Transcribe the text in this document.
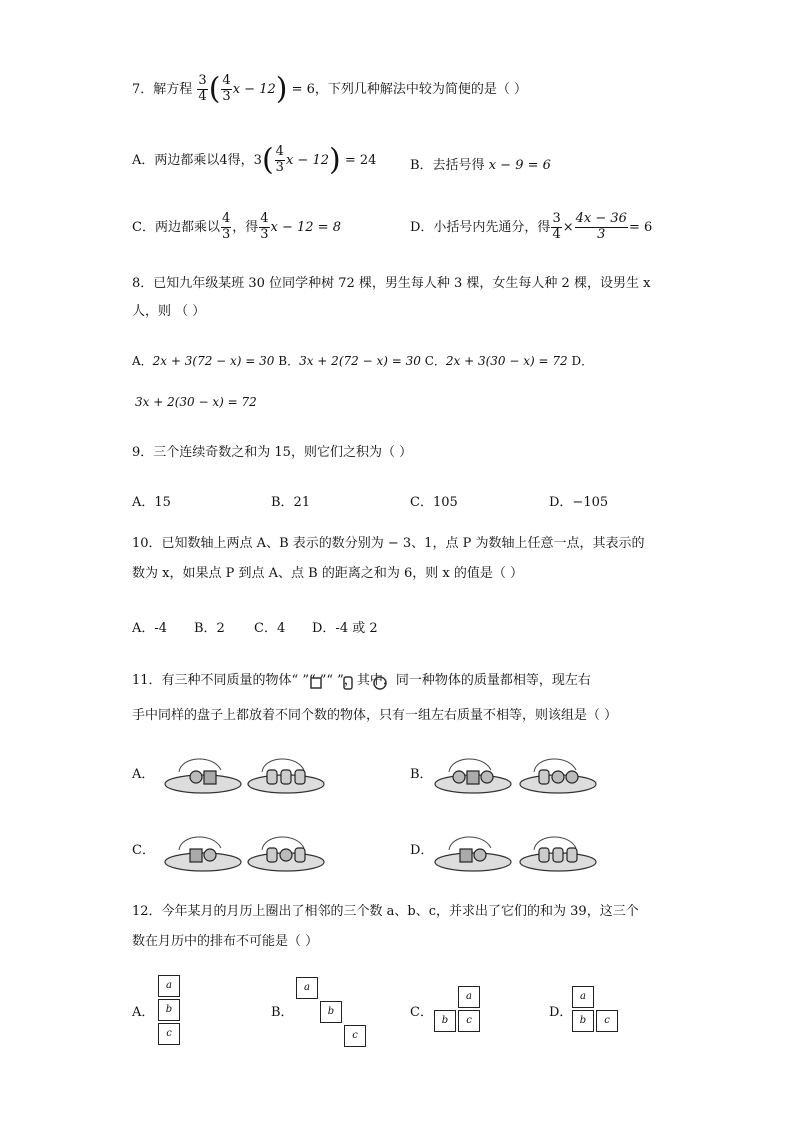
7．解方程 $\frac{3}{4}$ ( $\frac{4}{3}$ x − 12) = 6，下列几种解法中较为简便的是（ ）
A．两边都乘以4得，$3( \frac{4}{3}$ x − 12) = 24	B．去括号得 x − 9 = 6
C．两边都乘以 $\frac{4}{3}$ ，得 $\frac{4}{3}$ x − 12 = 8	D．小括号内先通分，得 $\frac{3}{4} \times \frac{4x - 36}{3} = 6$
8．已知九年级某班 30 位同学种树 72 棵，男生每人种 3 棵，女生每人种 2 棵，设男生 x
人，则 （ ）
A．2x + 3(72 − x) = 30 B．3x + 2(72 − x) = 30 C．2x + 3(30 − x) = 72 D．
3x + 2(30 − x) = 72
9．三个连续奇数之和为 15，则它们之积为（ ）
A．15	B．21	C．105	D．−105
10．已知数轴上两点 A、B 表示的数分别为 − 3、1，点 P 为数轴上任意一点，其表示的
数为 x，如果点 P 到点 A、点 B 的距离之和为 6，则 x 的值是（ ）
A．-4 B．2 C．4 D．-4 或 2
11．有三种不同质量的物体“ ”“ ”“ ”，其中，同一种物体的质量都相等，现左右
手中同样的盘子上都放着不同个数的物体，只有一组左右质量不相等，则该组是（ ）
A．	B．
C．	D．
12．今年某月的月历上圈出了相邻的三个数 a、b、c，并求出了它们的和为 39，这三个
数在月历中的排布不可能是（ ）
A．
a
b
c
B．
a
b
c
C．
a
b	c
D．
a
b	c
